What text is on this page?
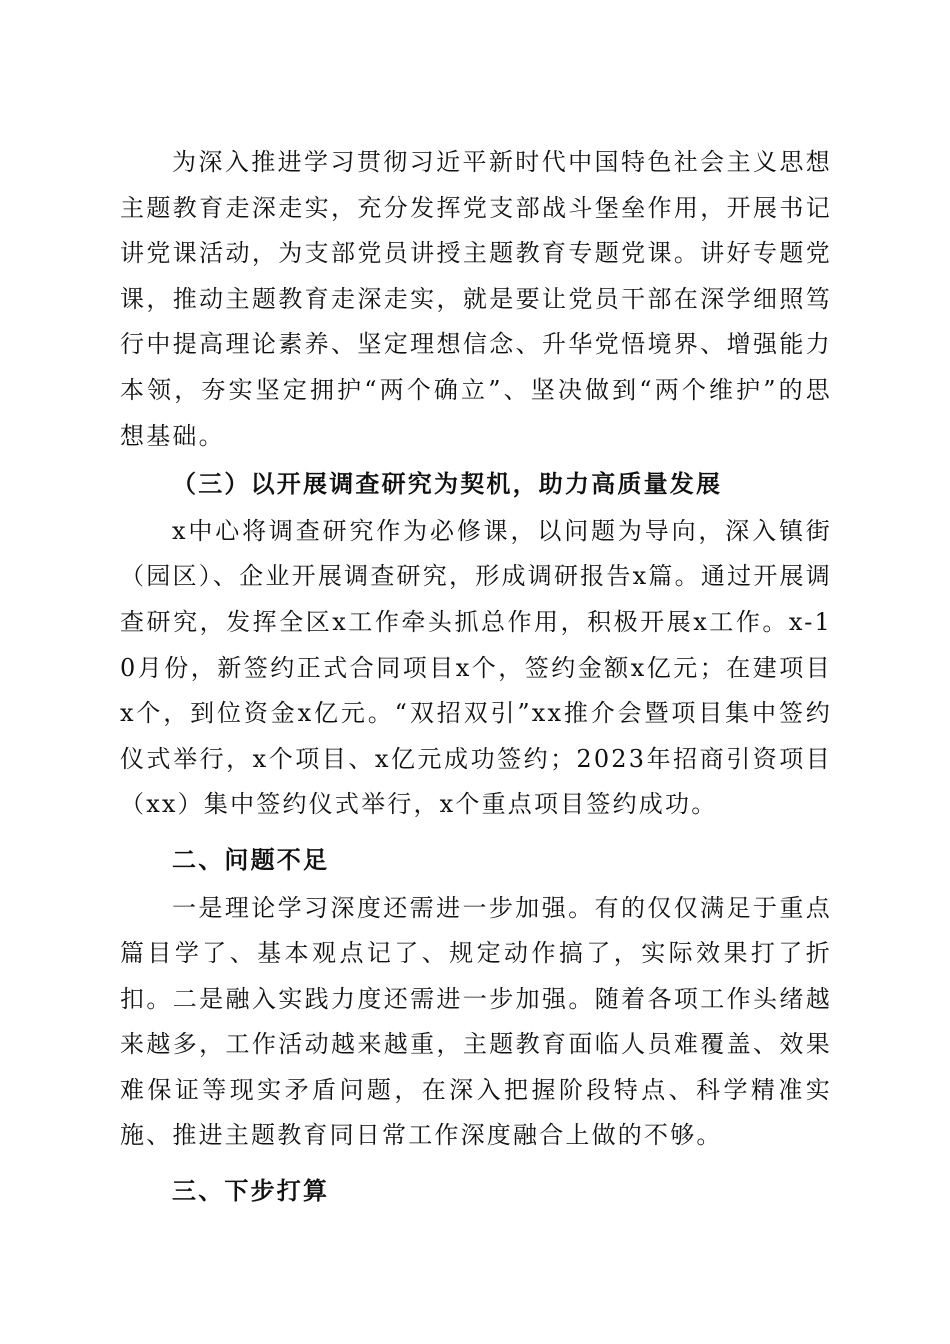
为深入推进学习贯彻习近平新时代中国特色社会主义思想主题教育走深走实，充分发挥党支部战斗堡垒作用，开展书记讲党课活动，为支部党员讲授主题教育专题党课。讲好专题党课，推动主题教育走深走实，就是要让党员干部在深学细照笃行中提高理论素养、坚定理想信念、升华党悟境界、增强能力本领，夯实坚定拥护“两个确立”、坚决做到“两个维护”的思想基础。

（三）以开展调查研究为契机，助力高质量发展

x中心将调查研究作为必修课，以问题为导向，深入镇街（园区）、企业开展调查研究，形成调研报告x篇。通过开展调查研究，发挥全区x工作牵头抓总作用，积极开展x工作。x-10月份，新签约正式合同项目x个，签约金额x亿元；在建项目x个，到位资金x亿元。“双招双引”xx推介会暨项目集中签约仪式举行，x个项目、x亿元成功签约；2023年招商引资项目（xx）集中签约仪式举行，x个重点项目签约成功。

二、问题不足

一是理论学习深度还需进一步加强。有的仅仅满足于重点篇目学了、基本观点记了、规定动作搞了，实际效果打了折扣。二是融入实践力度还需进一步加强。随着各项工作头绪越来越多，工作活动越来越重，主题教育面临人员难覆盖、效果难保证等现实矛盾问题，在深入把握阶段特点、科学精准实施、推进主题教育同日常工作深度融合上做的不够。

三、下步打算
